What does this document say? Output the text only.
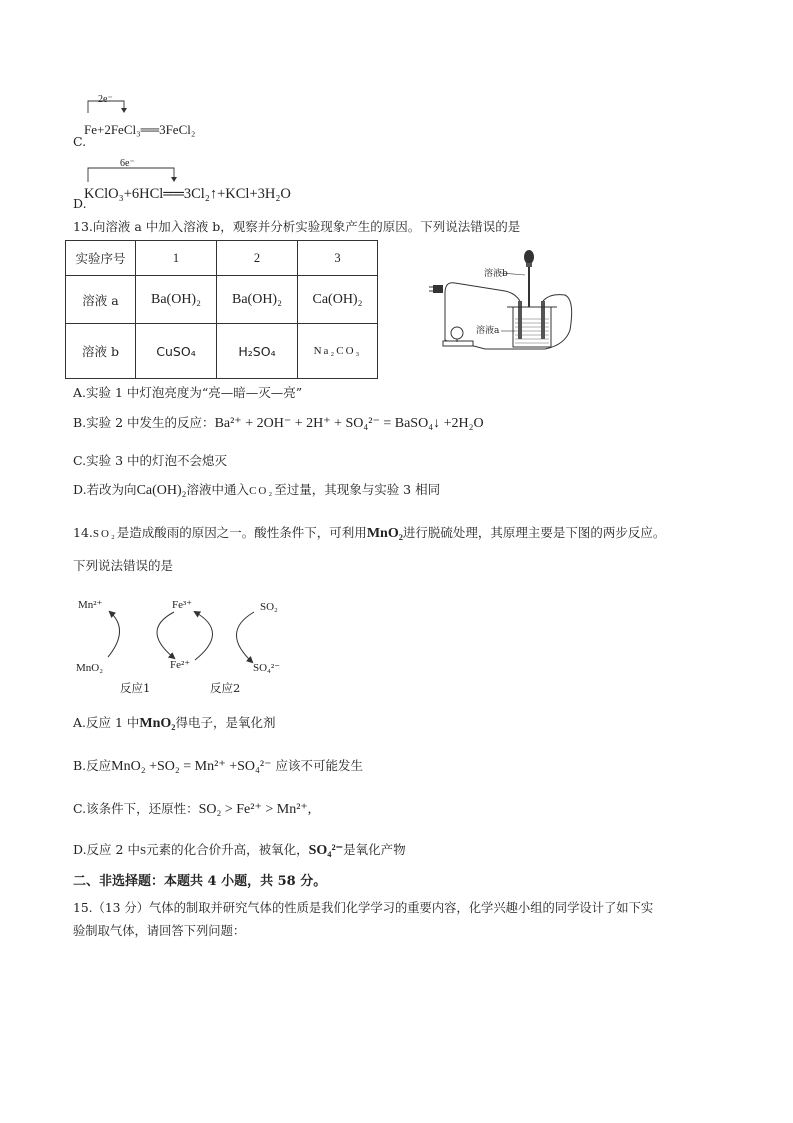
2e⁻
C.
Fe+2FeCl₃══3FeCl₂
6e⁻
D.
KClO₃+6HCl══3Cl₂↑+KCl+3H₂O
13.向溶液 a 中加入溶液 b，观察并分析实验现象产生的原因。下列说法错误的是
实验序号	1	2	3
溶液 a	Ba(OH)₂	Ba(OH)₂	Ca(OH)₂
溶液 b	CuSO₄	H₂SO₄	Na₂CO₃
溶液b
溶液a
A.实验 1 中灯泡亮度为“亮—暗—灭—亮”
B.实验 2 中发生的反应：Ba²⁺ + 2OH⁻ + 2H⁺ + SO₄²⁻ = BaSO₄↓ +2H₂O
C.实验 3 中的灯泡不会熄灭
D.若改为向Ca(OH)₂溶液中通入CO₂至过量，其现象与实验 3 相同
14.SO₂是造成酸雨的原因之一。酸性条件下，可利用MnO₂进行脱硫处理，其原理主要是下图的两步反应。
下列说法错误的是
Mn²⁺	Fe³⁺	SO₂
MnO₂	Fe²⁺	SO₄²⁻
反应1	反应2
A.反应 1 中MnO₂得电子，是氧化剂
B.反应MnO₂ +SO₂ = Mn²⁺ +SO₄²⁻ 应该不可能发生
C.该条件下，还原性：SO₂ > Fe²⁺ > Mn²⁺,
D.反应 2 中S元素的化合价升高，被氧化，SO₄²⁻是氧化产物
二、非选择题：本题共 4 小题，共 58 分。
15.（13 分）气体的制取并研究气体的性质是我们化学学习的重要内容，化学兴趣小组的同学设计了如下实
验制取气体，请回答下列问题：
